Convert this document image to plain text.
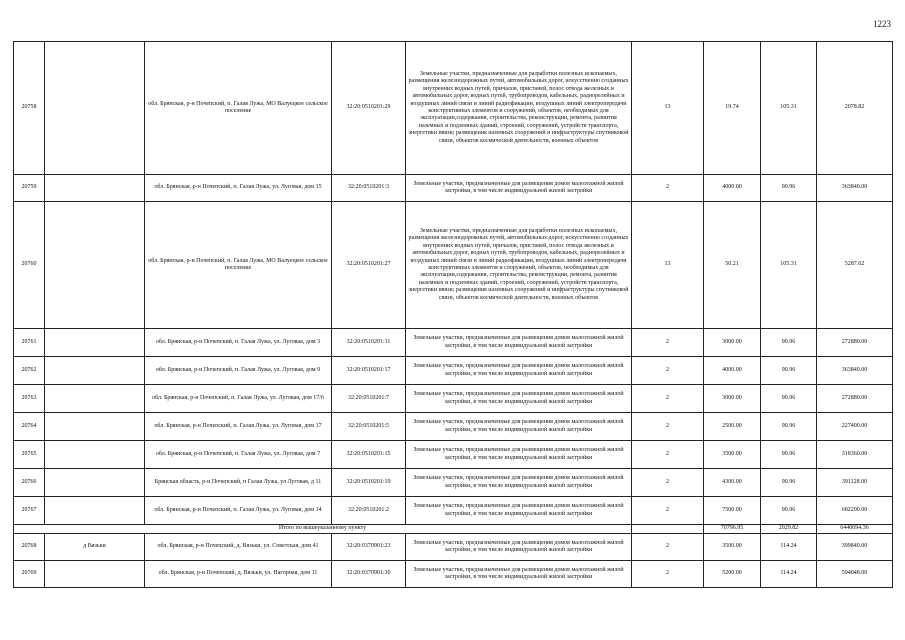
1223
20758		обл. Брянская, р-н Почепский, п. Галая Лужа, МО Валуецкое сельское поселение	32:20:0510201:29	Земельные участки, предназначенные для разработки полезных ископаемых, размещения железнодорожных путей, автомобильных дорог, искусственно созданных внутренних водных путей, причалов, пристаней, полос отвода железных и автомобильных дорог, водных путей, трубопроводов, кабельных, радиорелейных и воздушных линий связи и линий радиофикации, воздушных линий электропередачи конструктивных элементов и сооружений, объектов, необходимых для эксплуатации,содержания, строительства, реконструкции, ремонта, развития наземных и подземных зданий, строений, сооружений, устройств транспорта, энергетики ивязи; размещения наземных сооружений и инфраструктуры спутниковой связи, объектов космической деятельности, военных объектов	13	19.74	105.31	2078.82
20759		обл. Брянская, р-н Почепский, п. Галая Лужа, ул. Луговая, дом 15	32:20:0510201:3	Земельные участки, предназначенные для размещения домов малоэтажной жилой застройки, в том числе индивидуальной жилой застройки	2	4000.00	90.96	363840.00
20760		обл. Брянская, р-н Почепский, п. Галая Лужа, МО Валуецкое сельское поселение	32:20:0510201:27	Земельные участки, предназначенные для разработки полезных ископаемых, размещения железнодорожных путей, автомобильных дорог, искусственно созданных внутренних водных путей, причалов, пристаней, полос отвода железных и автомобильных дорог, водных путей, трубопроводов, кабельных, радиорелейных и воздушных линий связи и линий радиофикации, воздушных линий электропередачи конструктивных элементов и сооружений, объектов, необходимых для эксплуатации,содержания, строительства, реконструкции, ремонта, развития наземных и подземных зданий, строений, сооружений, устройств транспорта, энергетики ивязи; размещения наземных сооружений и инфраструктуры спутниковой связи, объектов космической деятельности, военных объектов	13	50.21	105.31	5287.62
20761		обл. Брянская, р-н Почепский, п. Галая Лужа, ул. Луговая, дом 3	32:20:0510201:11	Земельные участки, предназначенные для размещения домов малоэтажной жилой застройки, в том числе индивидуальной жилой застройки	2	3000.00	90.96	272880.00
20762		обл. Брянская, р-н Почепский, п. Галая Лужа, ул. Луговая, дом 9	32:20:0510201:17	Земельные участки, предназначенные для размещения домов малоэтажной жилой застройки, в том числе индивидуальной жилой застройки	2	4000.00	90.96	363840.00
20763		обл. Брянская, р-н Почепский, п. Галая Лужа, ул. Луговая, дом 17/6	32:20:0510201:7	Земельные участки, предназначенные для размещения домов малоэтажной жилой застройки, в том числе индивидуальной жилой застройки	2	3000.00	90.96	272880.00
20764		обл. Брянская, р-н Почепский, п. Галая Лужа, ул. Луговая, дом 17	32:20:0510201:5	Земельные участки, предназначенные для размещения домов малоэтажной жилой застройки, в том числе индивидуальной жилой застройки	2	2500.00	90.96	227400.00
20765		обл. Брянская, р-н Почепский, п. Галая Лужа, ул. Луговая, дом 7	32:20:0510201:15	Земельные участки, предназначенные для размещения домов малоэтажной жилой застройки, в том числе индивидуальной жилой застройки	2	3500.00	90.96	318360.00
20766		Брянская область, р-н Почепский, п Галая Лужа, ул Луговая, д 11	32:20:0510201:19	Земельные участки, предназначенные для размещения домов малоэтажной жилой застройки, в том числе индивидуальной жилой застройки	2	4300.00	90.96	391128.00
20767		обл. Брянская, р-н Почепский, п. Галая Лужа, ул. Луговая, дом 14	32:20:0510201:2	Земельные участки, предназначенные для размещения домов малоэтажной жилой застройки, в том числе индивидуальной жилой застройки	2	7500.00	90.96	682200.00
Итого по вышеуказанному пункту						70796.95	2029.82	6440694.36
20768	д Вязьки	обл. Брянская, р-н Почепский, д. Вязьки, ул. Советская, дом 41	32:20:0370901:23	Земельные участки, предназначенные для размещения домов малоэтажной жилой застройки, в том числе индивидуальной жилой застройки	2	3500.00	114.24	399840.00
20769		обл. Брянская, р-н Почепский, д. Вязьки, ул. Нагорная, дом 11	32:20:0370901:30	Земельные участки, предназначенные для размещения домов малоэтажной жилой застройки, в том числе индивидуальной жилой застройки	2	5200.00	114.24	594048.00
